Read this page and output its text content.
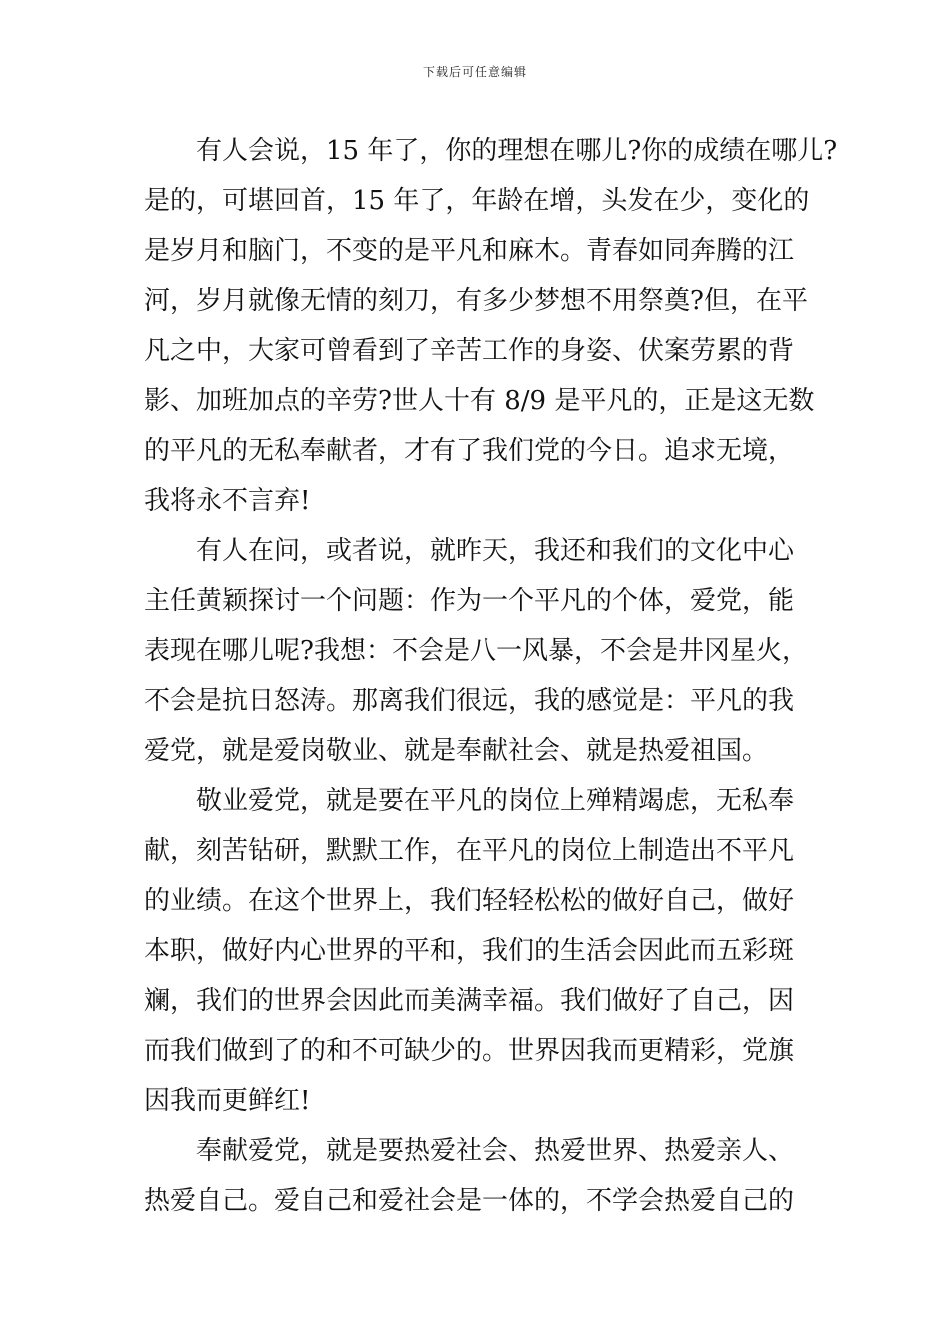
下载后可任意编辑
有人会说，15 年了，你的理想在哪儿?你的成绩在哪儿?
是的，可堪回首，15 年了，年龄在增，头发在少，变化的
是岁月和脑门，不变的是平凡和麻木。青春如同奔腾的江
河，岁月就像无情的刻刀，有多少梦想不用祭奠?但，在平
凡之中，大家可曾看到了辛苦工作的身姿、伏案劳累的背
影、加班加点的辛劳?世人十有 8/9 是平凡的，正是这无数
的平凡的无私奉献者，才有了我们党的今日。追求无境，
我将永不言弃!
有人在问，或者说，就昨天，我还和我们的文化中心
主任黄颖探讨一个问题：作为一个平凡的个体，爱党，能
表现在哪儿呢?我想：不会是八一风暴，不会是井冈星火，
不会是抗日怒涛。那离我们很远，我的感觉是：平凡的我
爱党，就是爱岗敬业、就是奉献社会、就是热爱祖国。
敬业爱党，就是要在平凡的岗位上殚精竭虑，无私奉
献，刻苦钻研，默默工作，在平凡的岗位上制造出不平凡
的业绩。在这个世界上，我们轻轻松松的做好自己，做好
本职，做好内心世界的平和，我们的生活会因此而五彩斑
斓，我们的世界会因此而美满幸福。我们做好了自己，因
而我们做到了的和不可缺少的。世界因我而更精彩，党旗
因我而更鲜红!
奉献爱党，就是要热爱社会、热爱世界、热爱亲人、
热爱自己。爱自己和爱社会是一体的，不学会热爱自己的
